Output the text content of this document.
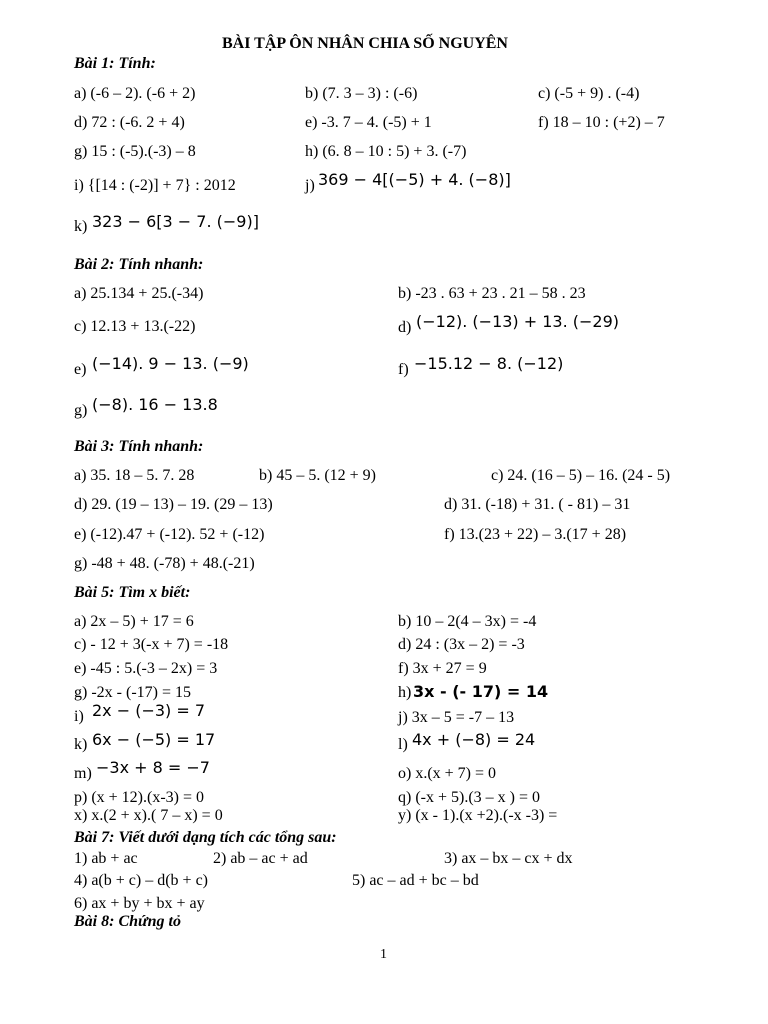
BÀI TẬP ÔN NHÂN CHIA SỐ NGUYÊN
Bài 1: Tính:
a) (-6 – 2). (-6 + 2)	b) (7. 3 – 3) : (-6)	c) (-5 + 9) . (-4)
d) 72 : (-6. 2 + 4)	e) -3. 7 – 4. (-5) + 1	f) 18 – 10 : (+2) – 7
g) 15 : (-5).(-3) – 8	h) (6. 8 – 10 : 5) + 3. (-7)
i) {[14 : (-2)] + 7} : 2012	j) 369 − 4[(−5) + 4. (−8)]
k) 323 − 6[3 − 7. (−9)]
Bài 2: Tính nhanh:
a) 25.134 + 25.(-34)	b) -23 . 63 + 23 . 21 – 58 . 23
c) 12.13 + 13.(-22)	d) (−12). (−13) + 13. (−29)
e) (−14). 9 − 13. (−9)	f) −15.12 − 8. (−12)
g) (−8). 16 − 13.8
Bài 3: Tính nhanh:
a) 35. 18 – 5. 7. 28	b) 45 – 5. (12 + 9)	c) 24. (16 – 5) – 16. (24 - 5)
d) 29. (19 – 13) – 19. (29 – 13)	d) 31. (-18) + 31. ( - 81) – 31
e) (-12).47 + (-12). 52 + (-12)	f) 13.(23 + 22) – 3.(17 + 28)
g) -48 + 48. (-78) + 48.(-21)
Bài 5: Tìm x biết:
a) 2x – 5) + 17 = 6	b) 10 – 2(4 – 3x) = -4
c) - 12 + 3(-x + 7) = -18	d) 24 : (3x – 2) = -3
e) -45 : 5.(-3 – 2x) = 3	f) 3x + 27 = 9
g) -2x - (-17) = 15	h) 3x - (- 17) = 14
i) 2x − (−3) = 7	j) 3x – 5 = -7 – 13
k) 6x − (−5) = 17	l) 4x + (−8) = 24
m) −3x + 8 = −7	o) x.(x + 7) = 0
p) (x + 12).(x-3) = 0	q) (-x + 5).(3 – x ) = 0
x) x.(2 + x).( 7 – x) = 0	y) (x - 1).(x +2).(-x -3) =
Bài 7: Viết dưới dạng tích các tổng sau:
1) ab + ac	2) ab – ac + ad	3) ax – bx – cx + dx
4) a(b + c) – d(b + c)	5) ac – ad + bc – bd
6) ax + by + bx + ay
Bài 8: Chứng tỏ
1
